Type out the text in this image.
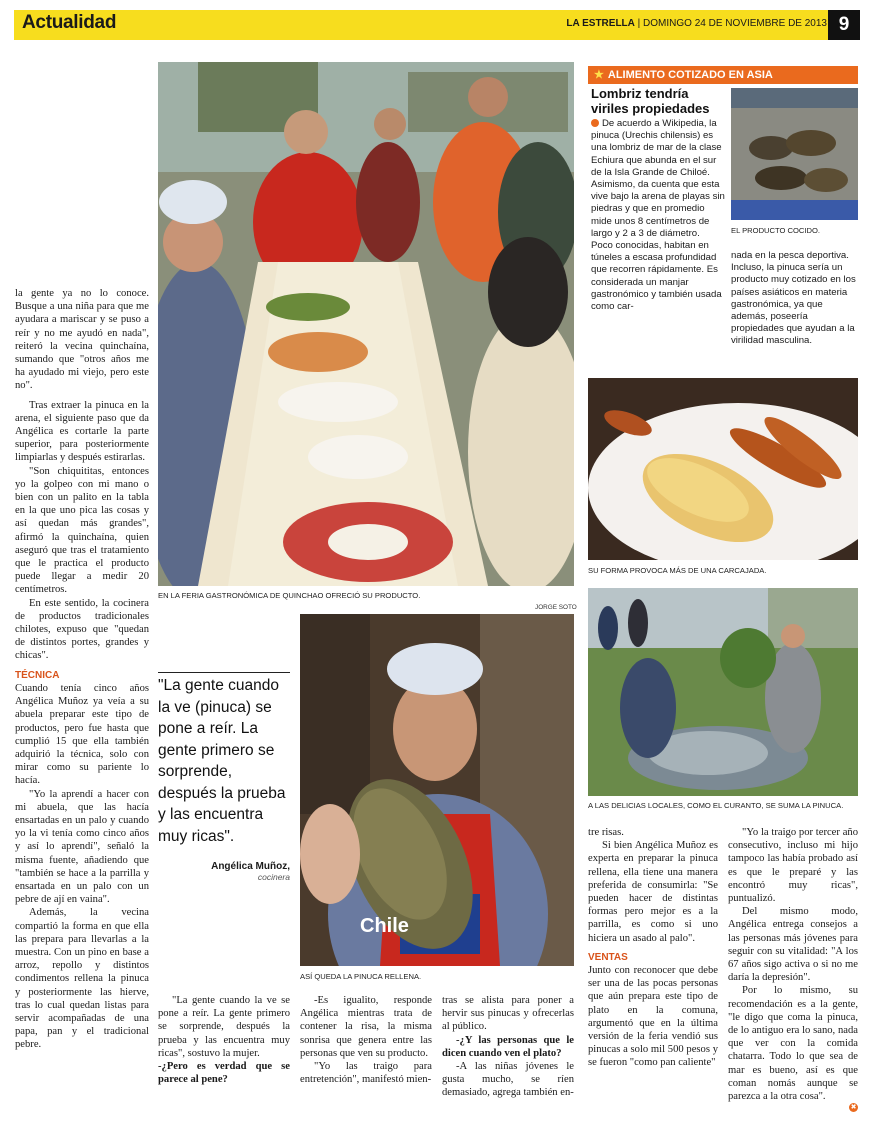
Actualidad	LA ESTRELLA | DOMINGO 24 DE NOVIEMBRE DE 2013 9

la gente ya no lo conoce. Busque a una niña para que me ayudara a mariscar y se puso a reír y no me ayudó en nada", reiteró la vecina quinchaína, sumando que "otros años me ha ayudado mi viejo, pero este no".

Tras extraer la pinuca en la arena, el siguiente paso que da Angélica es cortarle la parte superior, para posteriormente limpiarlas y después estirarlas.

"Son chiquititas, entonces yo la golpeo con mi mano o bien con un palito en la tabla en la que uno pica las cosas y así quedan más grandes", afirmó la quinchaína, quien aseguró que tras el tratamiento que le practica el producto puede llegar a medir 20 centímetros.

En este sentido, la cocinera de productos tradicionales chilotes, expuso que "quedan de distintos portes, grandes y chicas".

TÉCNICA

Cuando tenía cinco años Angélica Muñoz ya veía a su abuela preparar este tipo de productos, pero fue hasta que cumplió 15 que ella también adquirió la técnica, solo con mirar como su pariente lo hacía.

"Yo la aprendí a hacer con mi abuela, que las hacía ensartadas en un palo y cuando yo la vi tenía como cinco años y así lo aprendí", señaló la misma fuente, añadiendo que "también se hace a la parrilla y ensartada en un palo con un pebre de ají en vaina".

Además, la vecina compartió la forma en que ella las prepara para llevarlas a la muestra. Con un pino en base a arroz, repollo y distintos condimentos rellena la pinuca y posteriormente las hierve, tras lo cual quedan listas para servir acompañadas de una papa, pan y el tradicional pebre.

EN LA FERIA GASTRONÓMICA DE QUINCHAO OFRECIÓ SU PRODUCTO.
JORGE SOTO
"La gente cuando la ve (pinuca) se pone a reír. La gente primero se sorprende, después la prueba y las encuentra muy ricas".
Angélica Muñoz,
cocinera
Chile
ASÍ QUEDA LA PINUCA RELLENA.

"La gente cuando la ve se pone a reír. La gente primero se sorprende, después la prueba y las encuentra muy ricas", sostuvo la mujer.

-¿Pero es verdad que se parece al pene?

-Es igualito, responde Angélica mientras trata de contener la risa, la misma sonrisa que genera entre las personas que ven su producto.

"Yo las traigo para entretención", manifestó mien-

tras se alista para poner a hervir sus pinucas y ofrecerlas al público.

-¿Y las personas que le dicen cuando ven el plato?

-A las niñas jóvenes le gusta mucho, se ríen demasiado, agrega también en-

tre risas.

Si bien Angélica Muñoz es experta en preparar la pinuca rellena, ella tiene una manera preferida de consumirla: "Se pueden hacer de distintas formas pero mejor es a la parrilla, es como si uno hiciera un asado al palo".

VENTAS

Junto con reconocer que debe ser una de las pocas personas que aún prepara este tipo de plato en la comuna, argumentó que en la última versión de la feria vendió sus pinucas a solo mil 500 pesos y se fueron "como pan caliente"

"Yo la traigo por tercer año consecutivo, incluso mi hijo tampoco las había probado así es que le preparé y las encontró muy ricas", puntualizó.

Del mismo modo, Angélica entrega consejos a las personas más jóvenes para seguir con su vitalidad: "A los 67 años sigo activa o si no me daría la depresión".

Por lo mismo, su recomendación es a la gente, "le digo que coma la pinuca, de lo antiguo era lo sano, nada que ver con la comida chatarra. Todo lo que sea de mar es bueno, así es que coman nomás aunque se parezca a la otra cosa".

✖
★ ALIMENTO COTIZADO EN ASIA
Lombriz tendría viriles propiedades

De acuerdo a Wikipedia, la pinuca (Urechis chilensis) es una lombriz de mar de la clase Echiura que abunda en el sur de la Isla Grande de Chiloé.

Asimismo, da cuenta que esta vive bajo la arena de playas sin piedras y que en promedio mide unos 8 centímetros de largo y 2 a 3 de diámetro.

Poco conocidas, habitan en túneles a escasa profundidad que recorren rápidamente. Es considerada un manjar gastronómico y también usada como car-

EL PRODUCTO COCIDO.

nada en la pesca deportiva. Incluso, la pinuca sería un producto muy cotizado en los países asiáticos en materia gastronómica, ya que además, poseería propiedades que ayudan a la virilidad masculina.

SU FORMA PROVOCA MÁS DE UNA CARCAJADA.
A LAS DELICIAS LOCALES, COMO EL CURANTO, SE SUMA LA PINUCA.
